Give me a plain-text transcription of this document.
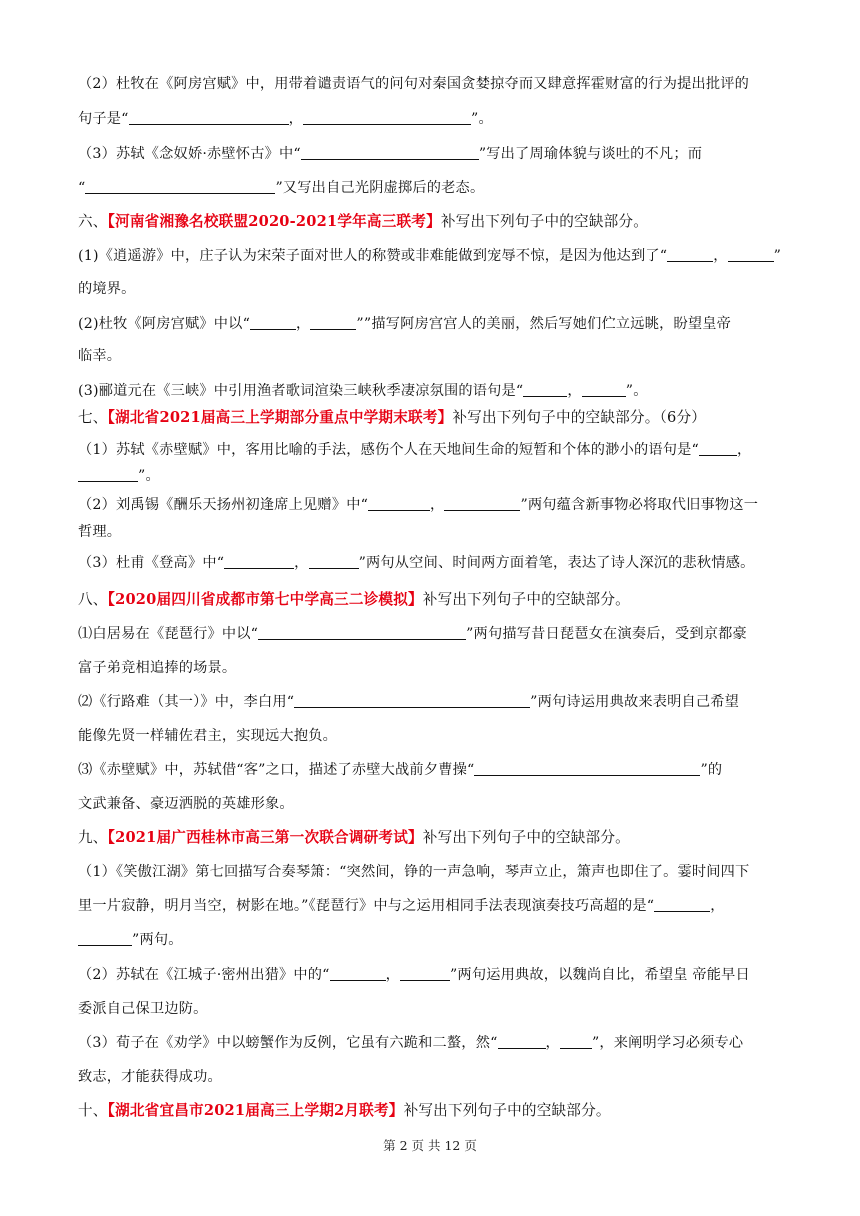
（2）杜牧在《阿房宫赋》中，用带着谴责语气的问句对秦国贪婪掠夺而又肆意挥霍财富的行为提出批评的
句子是“	，	”。
（3）苏轼《念奴娇·赤壁怀古》中“	”写出了周瑜体貌与谈吐的不凡；而
“	”又写出自己光阴虚掷后的老态。
六、【河南省湘豫名校联盟2020-2021学年高三联考】补写出下列句子中的空缺部分。
(1)《逍遥游》中，庄子认为宋荣子面对世人的称赞或非难能做到宠辱不惊，是因为他达到了“	，	”
的境界。
(2)杜牧《阿房宫赋》中以“	，	””描写阿房宫宫人的美丽，然后写她们伫立远眺，盼望皇帝
临幸。
(3)郦道元在《三峡》中引用渔者歌词渲染三峡秋季凄凉氛围的语句是“	，	”。
七、【湖北省2021届高三上学期部分重点中学期末联考】补写出下列句子中的空缺部分。（6分）
（1）苏轼《赤壁赋》中，客用比喻的手法，感伤个人在天地间生命的短暂和个体的渺小的语句是“	，
”。
（2）刘禹锡《酬乐天扬州初逢席上见赠》中“	，	”两句蕴含新事物必将取代旧事物这一
哲理。
（3）杜甫《登高》中“	，	”两句从空间、时间两方面着笔，表达了诗人深沉的悲秋情感。
八、【2020届四川省成都市第七中学高三二诊模拟】补写出下列句子中的空缺部分。
⑴白居易在《琵琶行》中以“	”两句描写昔日琵琶女在演奏后，受到京都豪
富子弟竞相追捧的场景。
⑵《行路难（其一）》中，李白用“	”两句诗运用典故来表明自己希望
能像先贤一样辅佐君主，实现远大抱负。
⑶《赤壁赋》中，苏轼借“客”之口，描述了赤壁大战前夕曹操“	”的
文武兼备、豪迈洒脱的英雄形象。
九、【2021届广西桂林市高三第一次联合调研考试】补写出下列句子中的空缺部分。
（1）《笑傲江湖》第七回描写合奏琴箫：“突然间，铮的一声急响，琴声立止，箫声也即住了。霎时间四下
里一片寂静，明月当空，树影在地。”《琵琶行》中与之运用相同手法表现演奏技巧高超的是“	，
”两句。
（2）苏轼在《江城子·密州出猎》中的“	，	”两句运用典故，以魏尚自比，希望皇 帝能早日
委派自己保卫边防。
（3）荀子在《劝学》中以螃蟹作为反例，它虽有六跪和二螯，然“	， ”，来阐明学习必须专心
致志，才能获得成功。
十、【湖北省宜昌市2021届高三上学期2月联考】补写出下列句子中的空缺部分。
第 2 页 共 12 页
